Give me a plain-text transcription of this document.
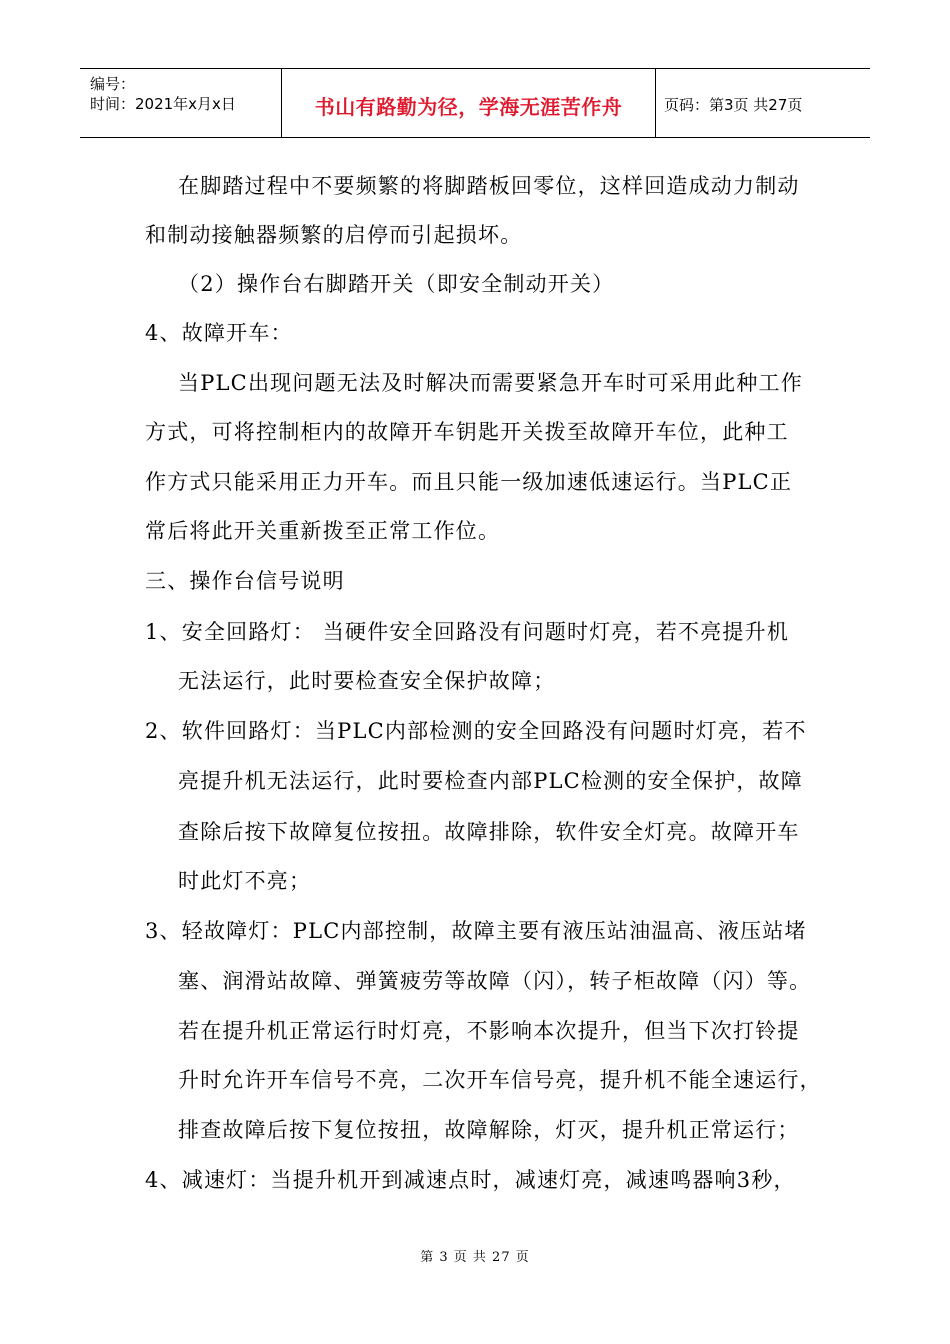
编号：
时间：2021年x月x日	书山有路勤为径，学海无涯苦作舟	页码：第3页 共27页
在脚踏过程中不要频繁的将脚踏板回零位，这样回造成动力制动
和制动接触器频繁的启停而引起损坏。
（2）操作台右脚踏开关（即安全制动开关）
4、故障开车：
当PLC出现问题无法及时解决而需要紧急开车时可采用此种工作
方式，可将控制柜内的故障开车钥匙开关拨至故障开车位，此种工
作方式只能采用正力开车。而且只能一级加速低速运行。当PLC正
常后将此开关重新拨至正常工作位。
三、操作台信号说明
1、安全回路灯： 当硬件安全回路没有问题时灯亮，若不亮提升机
无法运行，此时要检查安全保护故障；
2、软件回路灯：当PLC内部检测的安全回路没有问题时灯亮，若不
亮提升机无法运行，此时要检查内部PLC检测的安全保护，故障
查除后按下故障复位按扭。故障排除，软件安全灯亮。故障开车
时此灯不亮；
3、轻故障灯：PLC内部控制，故障主要有液压站油温高、液压站堵
塞、润滑站故障、弹簧疲劳等故障（闪），转子柜故障（闪）等。
若在提升机正常运行时灯亮，不影响本次提升，但当下次打铃提
升时允许开车信号不亮，二次开车信号亮，提升机不能全速运行，
排查故障后按下复位按扭，故障解除，灯灭，提升机正常运行；
4、减速灯：当提升机开到减速点时，减速灯亮，减速鸣器响3秒，
第 3 页 共 27 页
